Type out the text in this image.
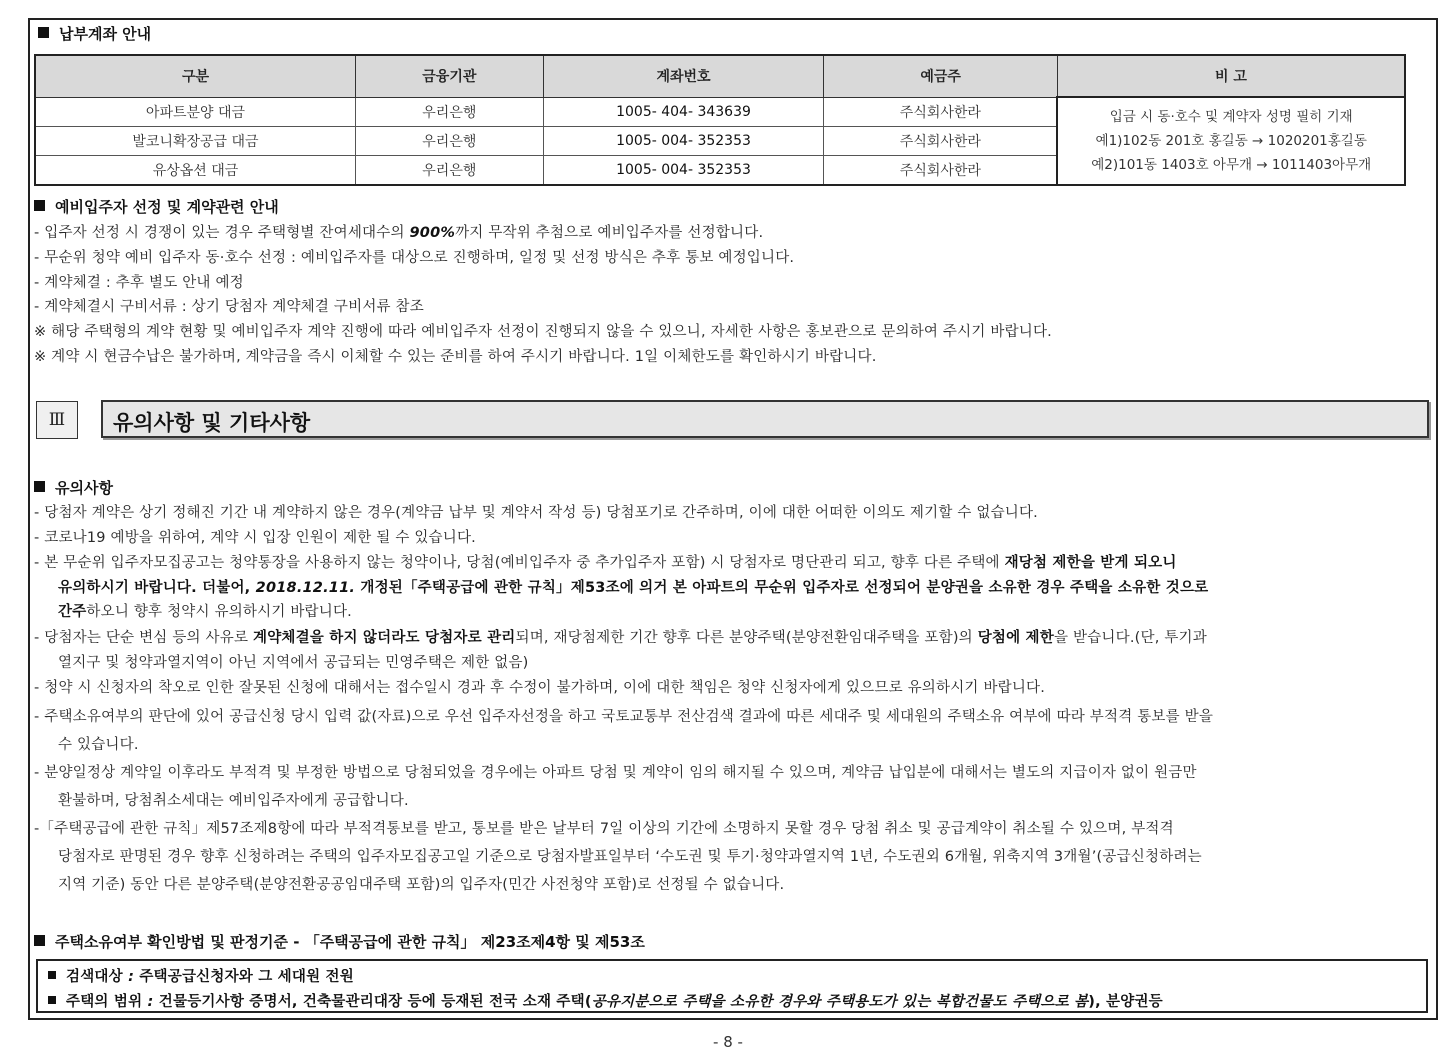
납부계좌 안내
구분	금융기관	계좌번호	예금주	비 고
아파트분양 대금	우리은행	1005- 404- 343639	주식회사한라	입금 시 동·호수 및 계약자 성명 필히 기재
예1)102동 201호 홍길동 → 1020201홍길동
예2)101동 1403호 아무개 → 1011403아무개

발코니확장공급 대금	우리은행	1005- 004- 352353	주식회사한라	
유상옵션 대금	우리은행	1005- 004- 352353	주식회사한라	
예비입주자 선정 및 계약관련 안내
- 입주자 선정 시 경쟁이 있는 경우 주택형별 잔여세대수의 900%까지 무작위 추첨으로 예비입주자를 선정합니다.
- 무순위 청약 예비 입주자 동·호수 선정 : 예비입주자를 대상으로 진행하며, 일정 및 선정 방식은 추후 통보 예정입니다.
- 계약체결 : 추후 별도 안내 예정
- 계약체결시 구비서류 : 상기 당첨자 계약체결 구비서류 참조
※ 해당 주택형의 계약 현황 및 예비입주자 계약 진행에 따라 예비입주자 선정이 진행되지 않을 수 있으니, 자세한 사항은 홍보관으로 문의하여 주시기 바랍니다.
※ 계약 시 현금수납은 불가하며, 계약금을 즉시 이체할 수 있는 준비를 하여 주시기 바랍니다. 1일 이체한도를 확인하시기 바랍니다.
Ⅲ	유의사항 및 기타사항
유의사항
- 당첨자 계약은 상기 정해진 기간 내 계약하지 않은 경우(계약금 납부 및 계약서 작성 등) 당첨포기로 간주하며, 이에 대한 어떠한 이의도 제기할 수 없습니다.
- 코로나19 예방을 위하여, 계약 시 입장 인원이 제한 될 수 있습니다.
- 본 무순위 입주자모집공고는 청약통장을 사용하지 않는 청약이나, 당첨(예비입주자 중 추가입주자 포함) 시 당첨자로 명단관리 되고, 향후 다른 주택에 재당첨 제한을 받게 되오니
유의하시기 바랍니다. 더불어, 2018.12.11. 개정된「주택공급에 관한 규칙」제53조에 의거 본 아파트의 무순위 입주자로 선정되어 분양권을 소유한 경우 주택을 소유한 것으로
간주하오니 향후 청약시 유의하시기 바랍니다.
- 당첨자는 단순 변심 등의 사유로 계약체결을 하지 않더라도 당첨자로 관리되며, 재당첨제한 기간 향후 다른 분양주택(분양전환임대주택을 포함)의 당첨에 제한을 받습니다.(단, 투기과
열지구 및 청약과열지역이 아닌 지역에서 공급되는 민영주택은 제한 없음)
- 청약 시 신청자의 착오로 인한 잘못된 신청에 대해서는 접수일시 경과 후 수정이 불가하며, 이에 대한 책임은 청약 신청자에게 있으므로 유의하시기 바랍니다.
- 주택소유여부의 판단에 있어 공급신청 당시 입력 값(자료)으로 우선 입주자선정을 하고 국토교통부 전산검색 결과에 따른 세대주 및 세대원의 주택소유 여부에 따라 부적격 통보를 받을
수 있습니다.
- 분양일정상 계약일 이후라도 부적격 및 부정한 방법으로 당첨되었을 경우에는 아파트 당첨 및 계약이 임의 해지될 수 있으며, 계약금 납입분에 대해서는 별도의 지급이자 없이 원금만
환불하며, 당첨취소세대는 예비입주자에게 공급합니다.
-「주택공급에 관한 규칙」제57조제8항에 따라 부적격통보를 받고, 통보를 받은 날부터 7일 이상의 기간에 소명하지 못할 경우 당첨 취소 및 공급계약이 취소될 수 있으며, 부적격
당첨자로 판명된 경우 향후 신청하려는 주택의 입주자모집공고일 기준으로 당첨자발표일부터 ‘수도권 및 투기·청약과열지역 1년, 수도권외 6개월, 위축지역 3개월’(공급신청하려는
지역 기준) 동안 다른 분양주택(분양전환공공임대주택 포함)의 입주자(민간 사전청약 포함)로 선정될 수 없습니다.
주택소유여부 확인방법 및 판정기준 - 「주택공급에 관한 규칙」 제23조제4항 및 제53조
검색대상 : 주택공급신청자와 그 세대원 전원
주택의 범위 : 건물등기사항 증명서, 건축물관리대장 등에 등재된 전국 소재 주택(공유지분으로 주택을 소유한 경우와 주택용도가 있는 복합건물도 주택으로 봄), 분양권등
- 8 -
